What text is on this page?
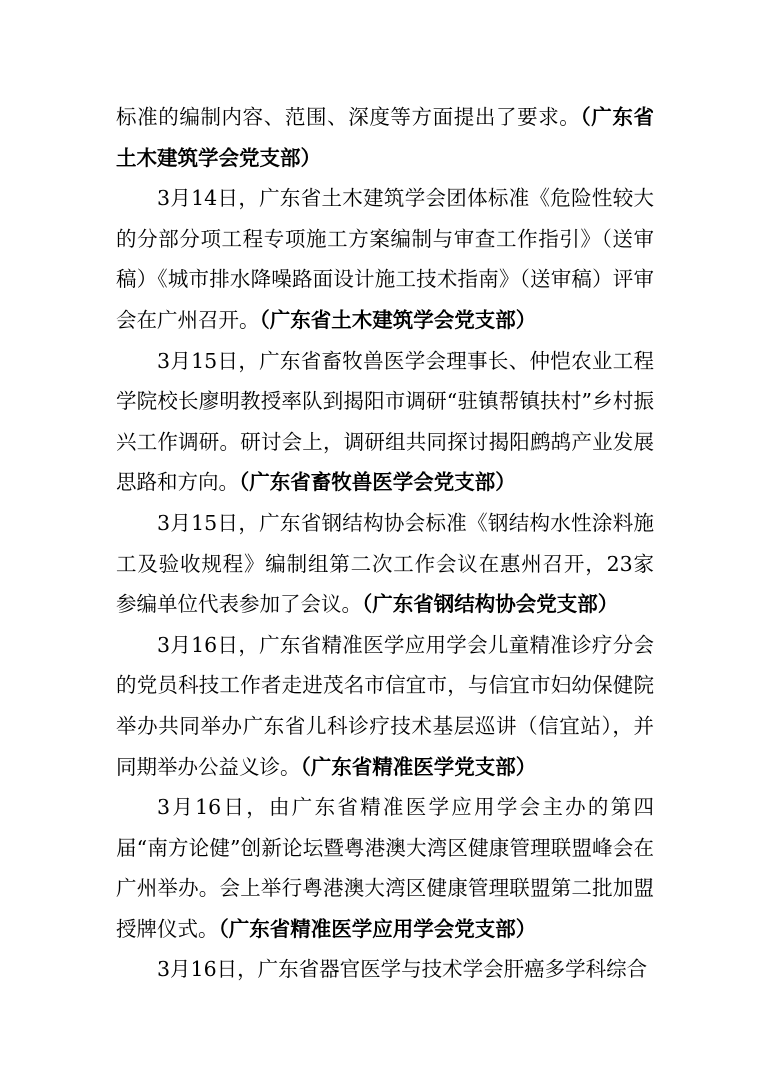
标准的编制内容、范围、深度等方面提出了要求。（广东省土木建筑学会党支部）

3月14日，广东省土木建筑学会团体标准《危险性较大的分部分项工程专项施工方案编制与审查工作指引》（送审稿）《城市排水降噪路面设计施工技术指南》（送审稿）评审会在广州召开。（广东省土木建筑学会党支部）

3月15日，广东省畜牧兽医学会理事长、仲恺农业工程学院校长廖明教授率队到揭阳市调研“驻镇帮镇扶村”乡村振兴工作调研。研讨会上，调研组共同探讨揭阳鹧鸪产业发展思路和方向。（广东省畜牧兽医学会党支部）

3月15日，广东省钢结构协会标准《钢结构水性涂料施工及验收规程》编制组第二次工作会议在惠州召开，23家参编单位代表参加了会议。（广东省钢结构协会党支部）

3月16日，广东省精准医学应用学会儿童精准诊疗分会的党员科技工作者走进茂名市信宜市，与信宜市妇幼保健院举办共同举办广东省儿科诊疗技术基层巡讲（信宜站），并同期举办公益义诊。（广东省精准医学党支部）

3月16日，由广东省精准医学应用学会主办的第四届“南方论健”创新论坛暨粤港澳大湾区健康管理联盟峰会在广州举办。会上举行粤港澳大湾区健康管理联盟第二批加盟授牌仪式。（广东省精准医学应用学会党支部）

3月16日，广东省器官医学与技术学会肝癌多学科综合
